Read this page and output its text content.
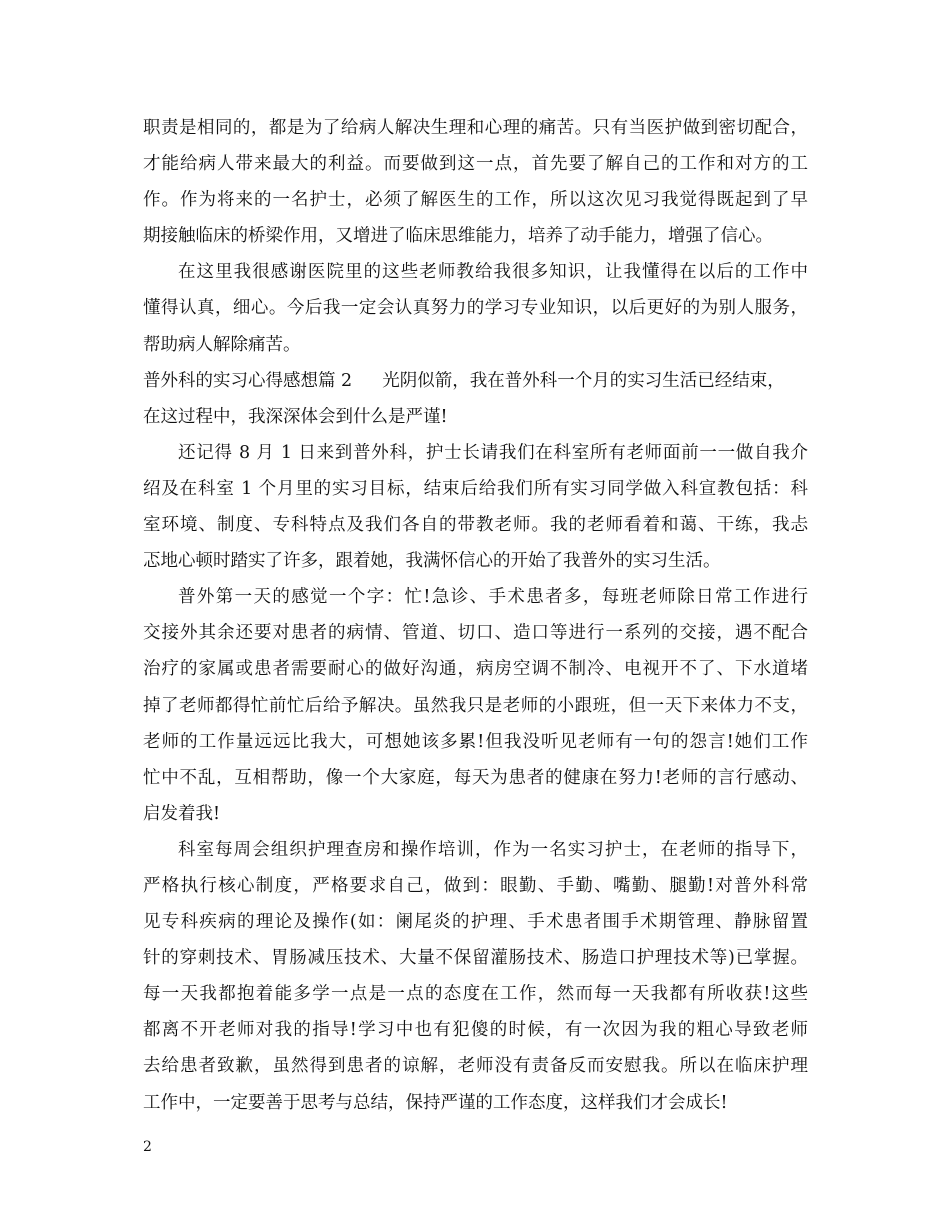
职责是相同的，都是为了给病人解决生理和心理的痛苦。只有当医护做到密切配合，
才能给病人带来最大的利益。而要做到这一点，首先要了解自己的工作和对方的工
作。作为将来的一名护士，必须了解医生的工作，所以这次见习我觉得既起到了早
期接触临床的桥梁作用，又增进了临床思维能力，培养了动手能力，增强了信心。
在这里我很感谢医院里的这些老师教给我很多知识，让我懂得在以后的工作中
懂得认真，细心。今后我一定会认真努力的学习专业知识，以后更好的为别人服务，
帮助病人解除痛苦。
普外科的实习心得感想篇 2 光阴似箭，我在普外科一个月的实习生活已经结束，
在这过程中，我深深体会到什么是严谨!
还记得 8 月 1 日来到普外科，护士长请我们在科室所有老师面前一一做自我介
绍及在科室 1 个月里的实习目标，结束后给我们所有实习同学做入科宣教包括：科
室环境、制度、专科特点及我们各自的带教老师。我的老师看着和蔼、干练，我忐
忑地心顿时踏实了许多，跟着她，我满怀信心的开始了我普外的实习生活。
普外第一天的感觉一个字：忙!急诊、手术患者多，每班老师除日常工作进行
交接外其余还要对患者的病情、管道、切口、造口等进行一系列的交接，遇不配合
治疗的家属或患者需要耐心的做好沟通，病房空调不制冷、电视开不了、下水道堵
掉了老师都得忙前忙后给予解决。虽然我只是老师的小跟班，但一天下来体力不支，
老师的工作量远远比我大，可想她该多累!但我没听见老师有一句的怨言!她们工作
忙中不乱，互相帮助，像一个大家庭，每天为患者的健康在努力!老师的言行感动、
启发着我!
科室每周会组织护理查房和操作培训，作为一名实习护士，在老师的指导下，
严格执行核心制度，严格要求自己，做到：眼勤、手勤、嘴勤、腿勤!对普外科常
见专科疾病的理论及操作(如：阑尾炎的护理、手术患者围手术期管理、静脉留置
针的穿刺技术、胃肠减压技术、大量不保留灌肠技术、肠造口护理技术等)已掌握。
每一天我都抱着能多学一点是一点的态度在工作，然而每一天我都有所收获!这些
都离不开老师对我的指导!学习中也有犯傻的时候，有一次因为我的粗心导致老师
去给患者致歉，虽然得到患者的谅解，老师没有责备反而安慰我。所以在临床护理
工作中，一定要善于思考与总结，保持严谨的工作态度，这样我们才会成长!
2
